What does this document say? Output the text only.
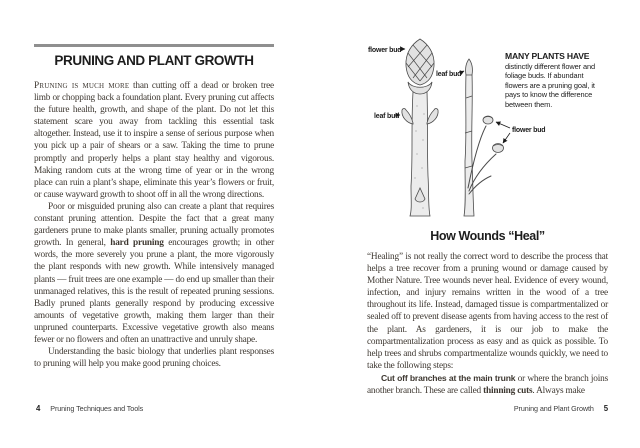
PRUNING AND PLANT GROWTH

Pruning is much more than cutting off a dead or broken tree limb or chopping back a foundation plant. Every pruning cut affects the future health, growth, and shape of the plant. Do not let this statement scare you away from tackling this essential task altogether. Instead, use it to inspire a sense of serious purpose when you pick up a pair of shears or a saw. Taking the time to prune promptly and properly helps a plant stay healthy and vigorous. Making random cuts at the wrong time of year or in the wrong place can ruin a plant’s shape, eliminate this year’s flowers or fruit, or cause wayward growth to shoot off in all the wrong directions.

Poor or misguided pruning also can create a plant that requires constant pruning attention. Despite the fact that a great many gardeners prune to make plants smaller, pruning actually promotes growth. In general, hard pruning encourages growth; in other words, the more severely you prune a plant, the more vigorously the plant responds with new growth. While intensively managed plants — fruit trees are one example — do end up smaller than their unmanaged relatives, this is the result of repeated pruning sessions. Badly pruned plants generally respond by producing excessive amounts of vegetative growth, making them larger than their unpruned counterparts. Excessive vegetative growth also means fewer or no flowers and often an unattractive and unruly shape.

Understanding the basic biology that underlies plant responses to pruning will help you make good pruning choices.

4 Pruning Techniques and Tools
flower bud
leaf bud
leaf bud
flower bud
MANY PLANTS HAVE distinctly different flower and foliage buds. If abundant flowers are a pruning goal, it pays to know the difference between them.
How Wounds “Heal”

“Healing” is not really the correct word to describe the process that helps a tree recover from a pruning wound or damage caused by Mother Nature. Tree wounds never heal. Evidence of every wound, infection, and injury remains written in the wood of a tree throughout its life. Instead, damaged tissue is compartmentalized or sealed off to prevent disease agents from having access to the rest of the plant. As gardeners, it is our job to make the compartmentalization process as easy and as quick as possible. To help trees and shrubs compartmentalize wounds quickly, we need to take the following steps:

Cut off branches at the main trunk or where the branch joins another branch. These are called thinning cuts. Always make

Pruning and Plant Growth 5
